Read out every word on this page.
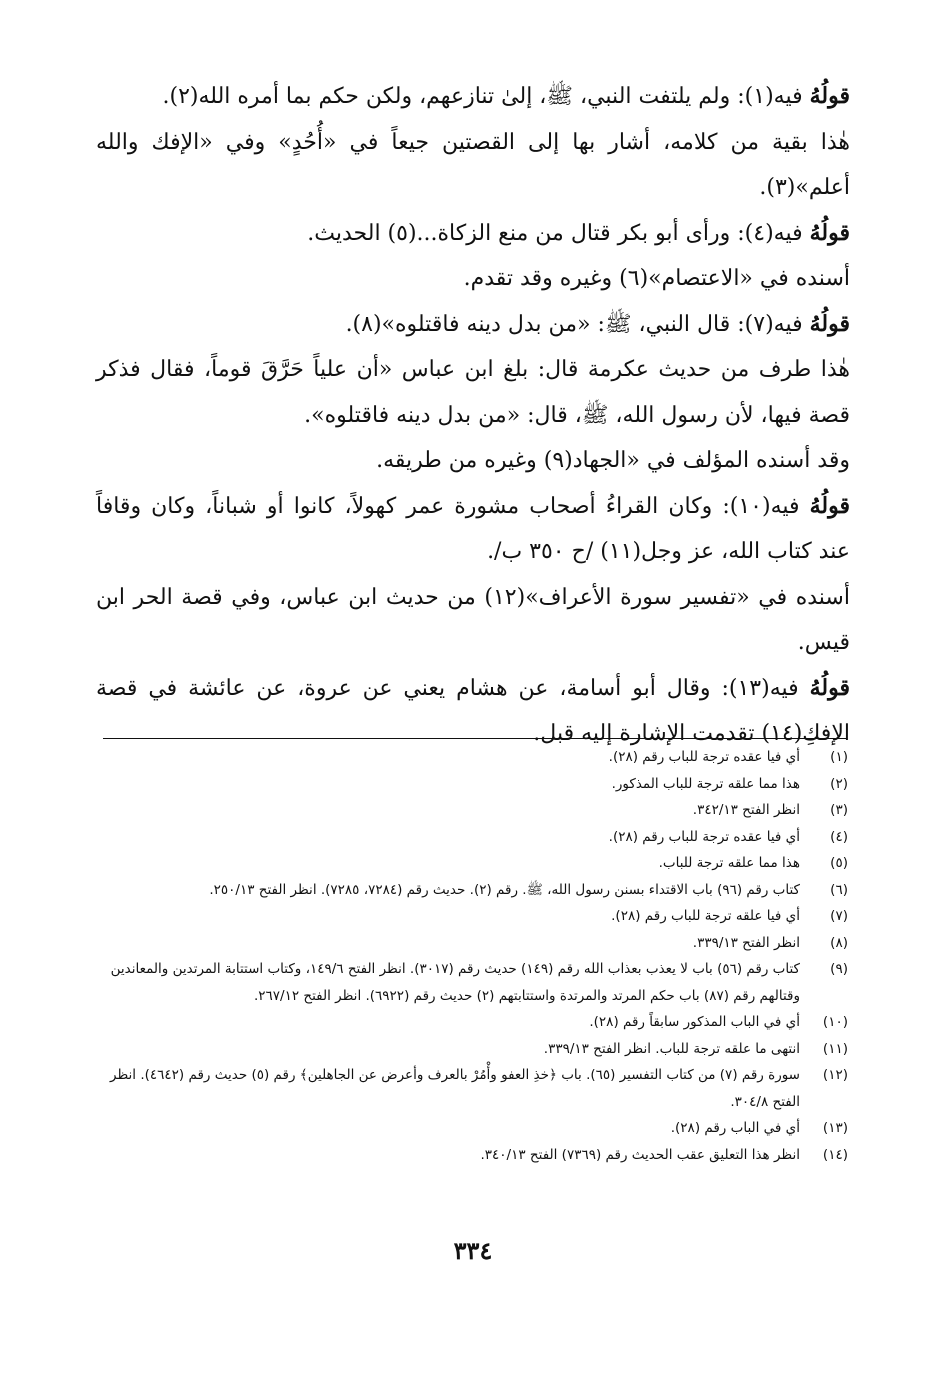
قولُهُ فيه(١): ولم يلتفت النبي، ﷺ، إلىٰ تنازعهم، ولكن حكم بما أمره الله(٢).

هٰذا بقية من كلامه، أشار بها إلى القصتين جيعاً في «أُحُدٍ» وفي «الإفك والله أعلم»(٣).

قولُهُ فيه(٤): ورأى أبو بكر قتال من منع الزكاة...(٥) الحديث.

أسنده في «الاعتصام»(٦) وغيره وقد تقدم.

قولُهُ فيه(٧): قال النبي، ﷺ: «من بدل دينه فاقتلوه»(٨).

هٰذا طرف من حديث عكرمة قال: بلغ ابن عباس «أن علياً حَرَّقَ قوماً، فقال فذكر قصة فيها، لأن رسول الله، ﷺ، قال: «من بدل دينه فاقتلوه».

وقد أسنده المؤلف في «الجهاد(٩) وغيره من طريقه.

قولُهُ فيه(١٠): وكان القراءُ أصحاب مشورة عمر كهولاً، كانوا أو شباناً، وكان وقافاً عند كتاب الله، عز وجل(١١) /ح ٣٥٠ ب/.

أسنده في «تفسير سورة الأعراف»(١٢) من حديث ابن عباس، وفي قصة الحر ابن قيس.

قولُهُ فيه(١٣): وقال أبو أسامة، عن هشام يعني عن عروة، عن عائشة في قصة الإفكِ(١٤) تقدمت الإشارة إليه قبل.

(١)
أي فيا عقده ترجة للباب رقم (٢٨).
(٢)
هذا مما علقه ترجة للباب المذكور.
(٣)
انظر الفتح ٣٤٢/١٣.
(٤)
أي فيا عقده ترجة للباب رقم (٢٨).
(٥)
هذا مما علقه ترجة للباب.
(٦)
كتاب رقم (٩٦) باب الاقتداء بسنن رسول الله، ﷺ. رقم (٢). حديث رقم (٧٢٨٤، ٧٢٨٥). انظر الفتح ٢٥٠/١٣.
(٧)
أي فيا علقه ترجة للباب رقم (٢٨).
(٨)
انظر الفتح ٣٣٩/١٣.
(٩)
كتاب رقم (٥٦) باب لا يعذب بعذاب الله رقم (١٤٩) حديث رقم (٣٠١٧). انظر الفتح ١٤٩/٦، وكتاب استتابة المرتدين والمعاندين وقتالهم رقم (٨٧) باب حكم المرتد والمرتدة واستتابتهم (٢) حديث رقم (٦٩٢٢). انظر الفتح ٢٦٧/١٢.
(١٠)
أي في الباب المذكور سابقاً رقم (٢٨).
(١١)
انتهى ما علقه ترجة للباب. انظر الفتح ٣٣٩/١٣.
(١٢)
سورة رقم (٧) من كتاب التفسير (٦٥). باب ﴿خذِ العفو وأْمُرْ بالعرف وأعرض عن الجاهلين﴾ رقم (٥) حديث رقم (٤٦٤٢). انظر الفتح ٣٠٤/٨.
(١٣)
أي في الباب رقم (٢٨).
(١٤)
انظر هذا التعليق عقب الحديث رقم (٧٣٦٩) الفتح ٣٤٠/١٣.
٣٣٤
